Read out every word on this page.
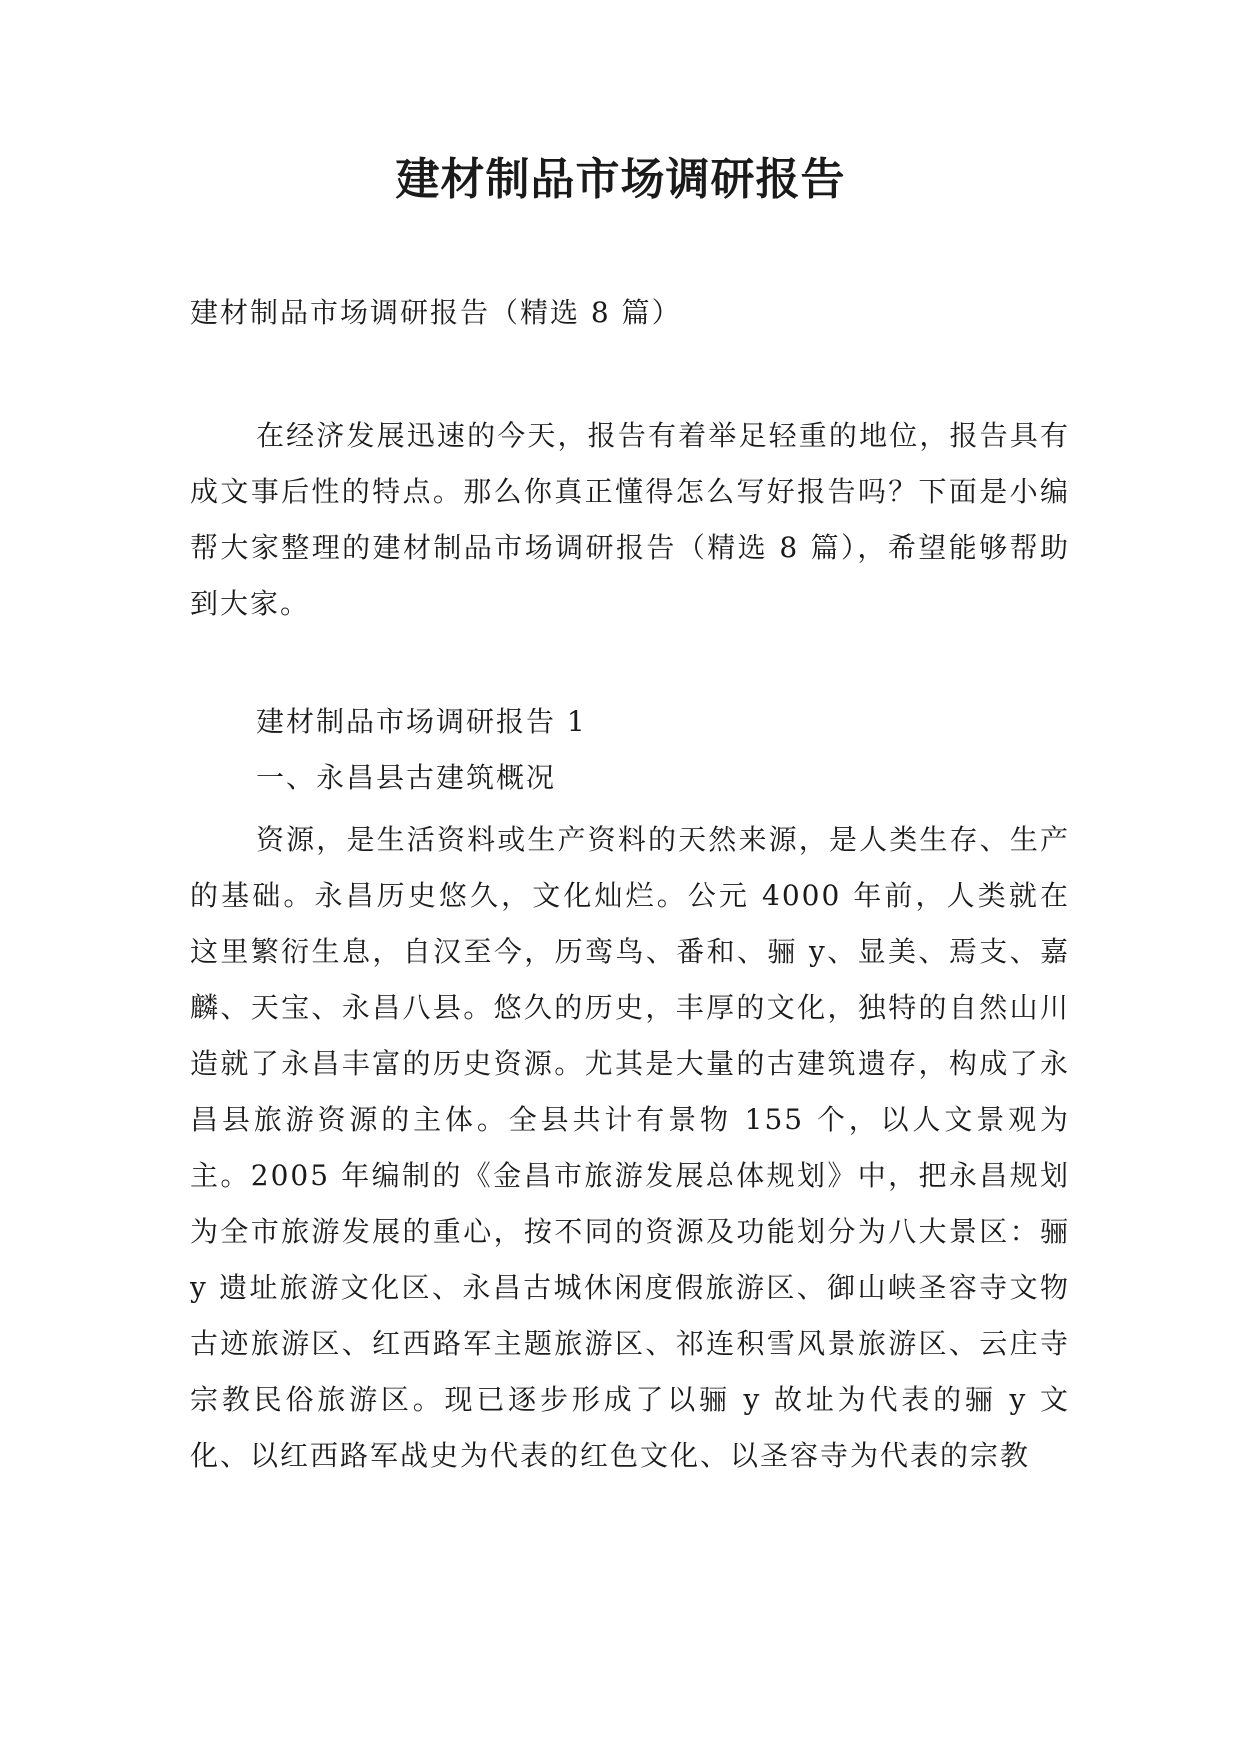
建材制品市场调研报告
建材制品市场调研报告（精选 8 篇）
在经济发展迅速的今天，报告有着举足轻重的地位，报告具有成文事后性的特点。那么你真正懂得怎么写好报告吗？下面是小编帮大家整理的建材制品市场调研报告（精选 8 篇），希望能够帮助到大家。
建材制品市场调研报告 1
一、永昌县古建筑概况
资源，是生活资料或生产资料的天然来源，是人类生存、生产的基础。永昌历史悠久，文化灿烂。公元 4000 年前，人类就在这里繁衍生息，自汉至今，历鸾鸟、番和、骊 y、显美、焉支、嘉麟、天宝、永昌八县。悠久的历史，丰厚的文化，独特的自然山川造就了永昌丰富的历史资源。尤其是大量的古建筑遗存，构成了永昌县旅游资源的主体。全县共计有景物 155 个，以人文景观为主。2005 年编制的《金昌市旅游发展总体规划》中，把永昌规划为全市旅游发展的重心，按不同的资源及功能划分为八大景区：骊 y 遗址旅游文化区、永昌古城休闲度假旅游区、御山峡圣容寺文物古迹旅游区、红西路军主题旅游区、祁连积雪风景旅游区、云庄寺宗教民俗旅游区。现已逐步形成了以骊 y 故址为代表的骊 y 文化、以红西路军战史为代表的红色文化、以圣容寺为代表的宗教
